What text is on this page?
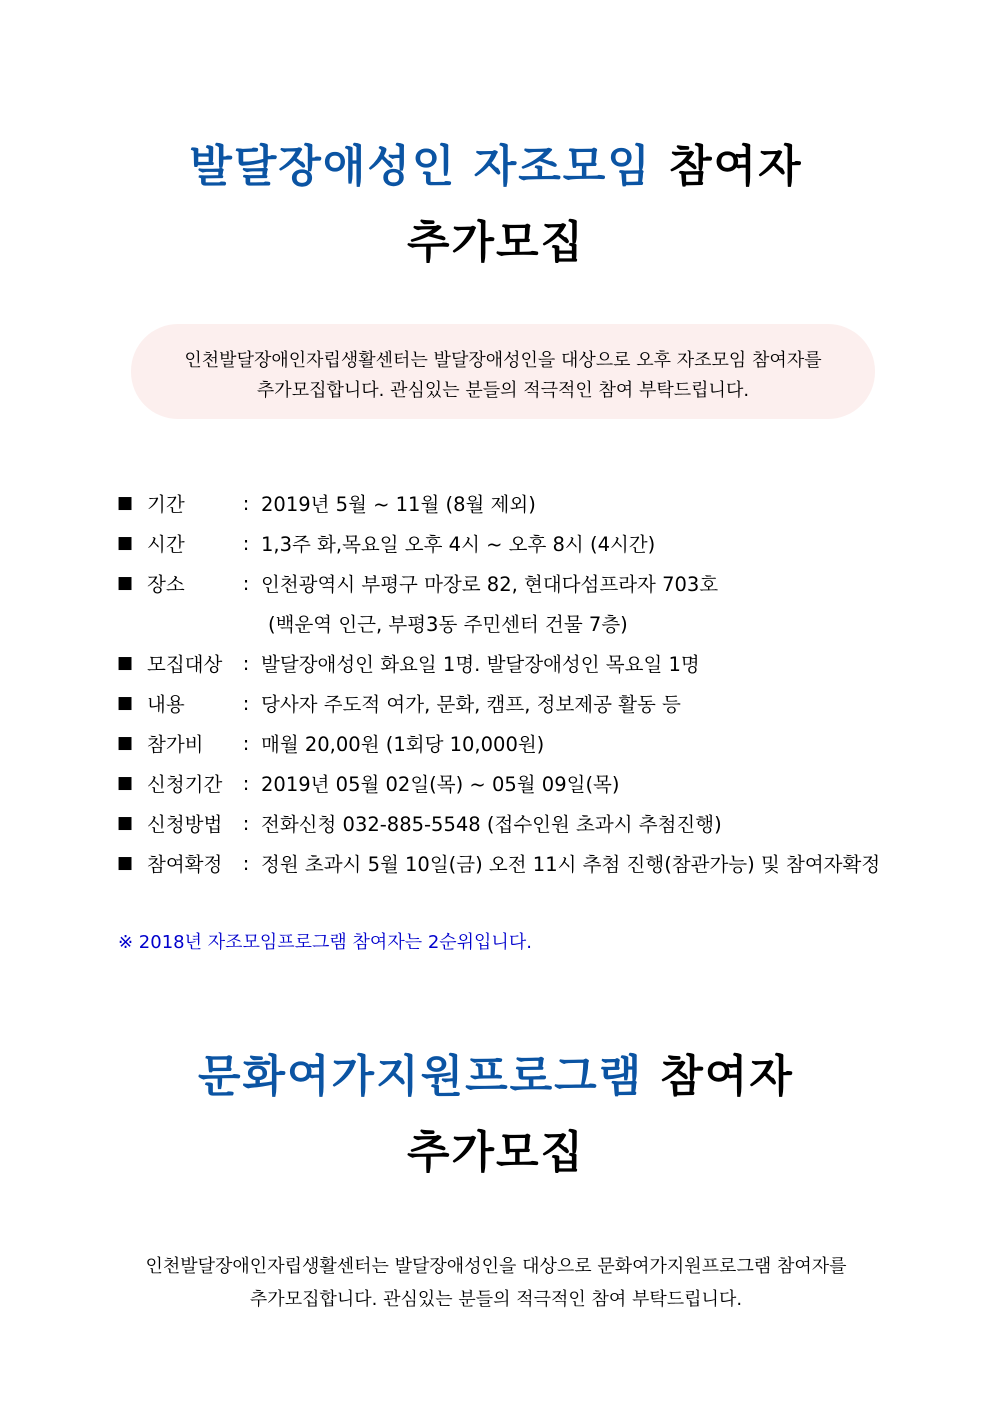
발달장애성인 자조모임 참여자
추가모집
인천발달장애인자립생활센터는 발달장애성인을 대상으로 오후 자조모임 참여자를
추가모집합니다. 관심있는 분들의 적극적인 참여 부탁드립니다.
■ 기간	: 2019년 5월 ~ 11월 (8월 제외)
■ 시간	: 1,3주 화,목요일 오후 4시 ~ 오후 8시 (4시간)
■ 장소	: 인천광역시 부평구 마장로 82, 현대다섬프라자 703호
(백운역 인근, 부평3동 주민센터 건물 7층)
■ 모집대상	: 발달장애성인 화요일 1명. 발달장애성인 목요일 1명
■ 내용	: 당사자 주도적 여가, 문화, 캠프, 정보제공 활동 등
■ 참가비	: 매월 20,00원 (1회당 10,000원)
■ 신청기간	: 2019년 05월 02일(목) ~ 05월 09일(목)
■ 신청방법	: 전화신청 032-885-5548 (접수인원 초과시 추첨진행)
■ 참여확정	: 정원 초과시 5월 10일(금) 오전 11시 추첨 진행(참관가능) 및 참여자확정
※ 2018년 자조모임프로그램 참여자는 2순위입니다.
문화여가지원프로그램 참여자
추가모집
인천발달장애인자립생활센터는 발달장애성인을 대상으로 문화여가지원프로그램 참여자를
추가모집합니다. 관심있는 분들의 적극적인 참여 부탁드립니다.
